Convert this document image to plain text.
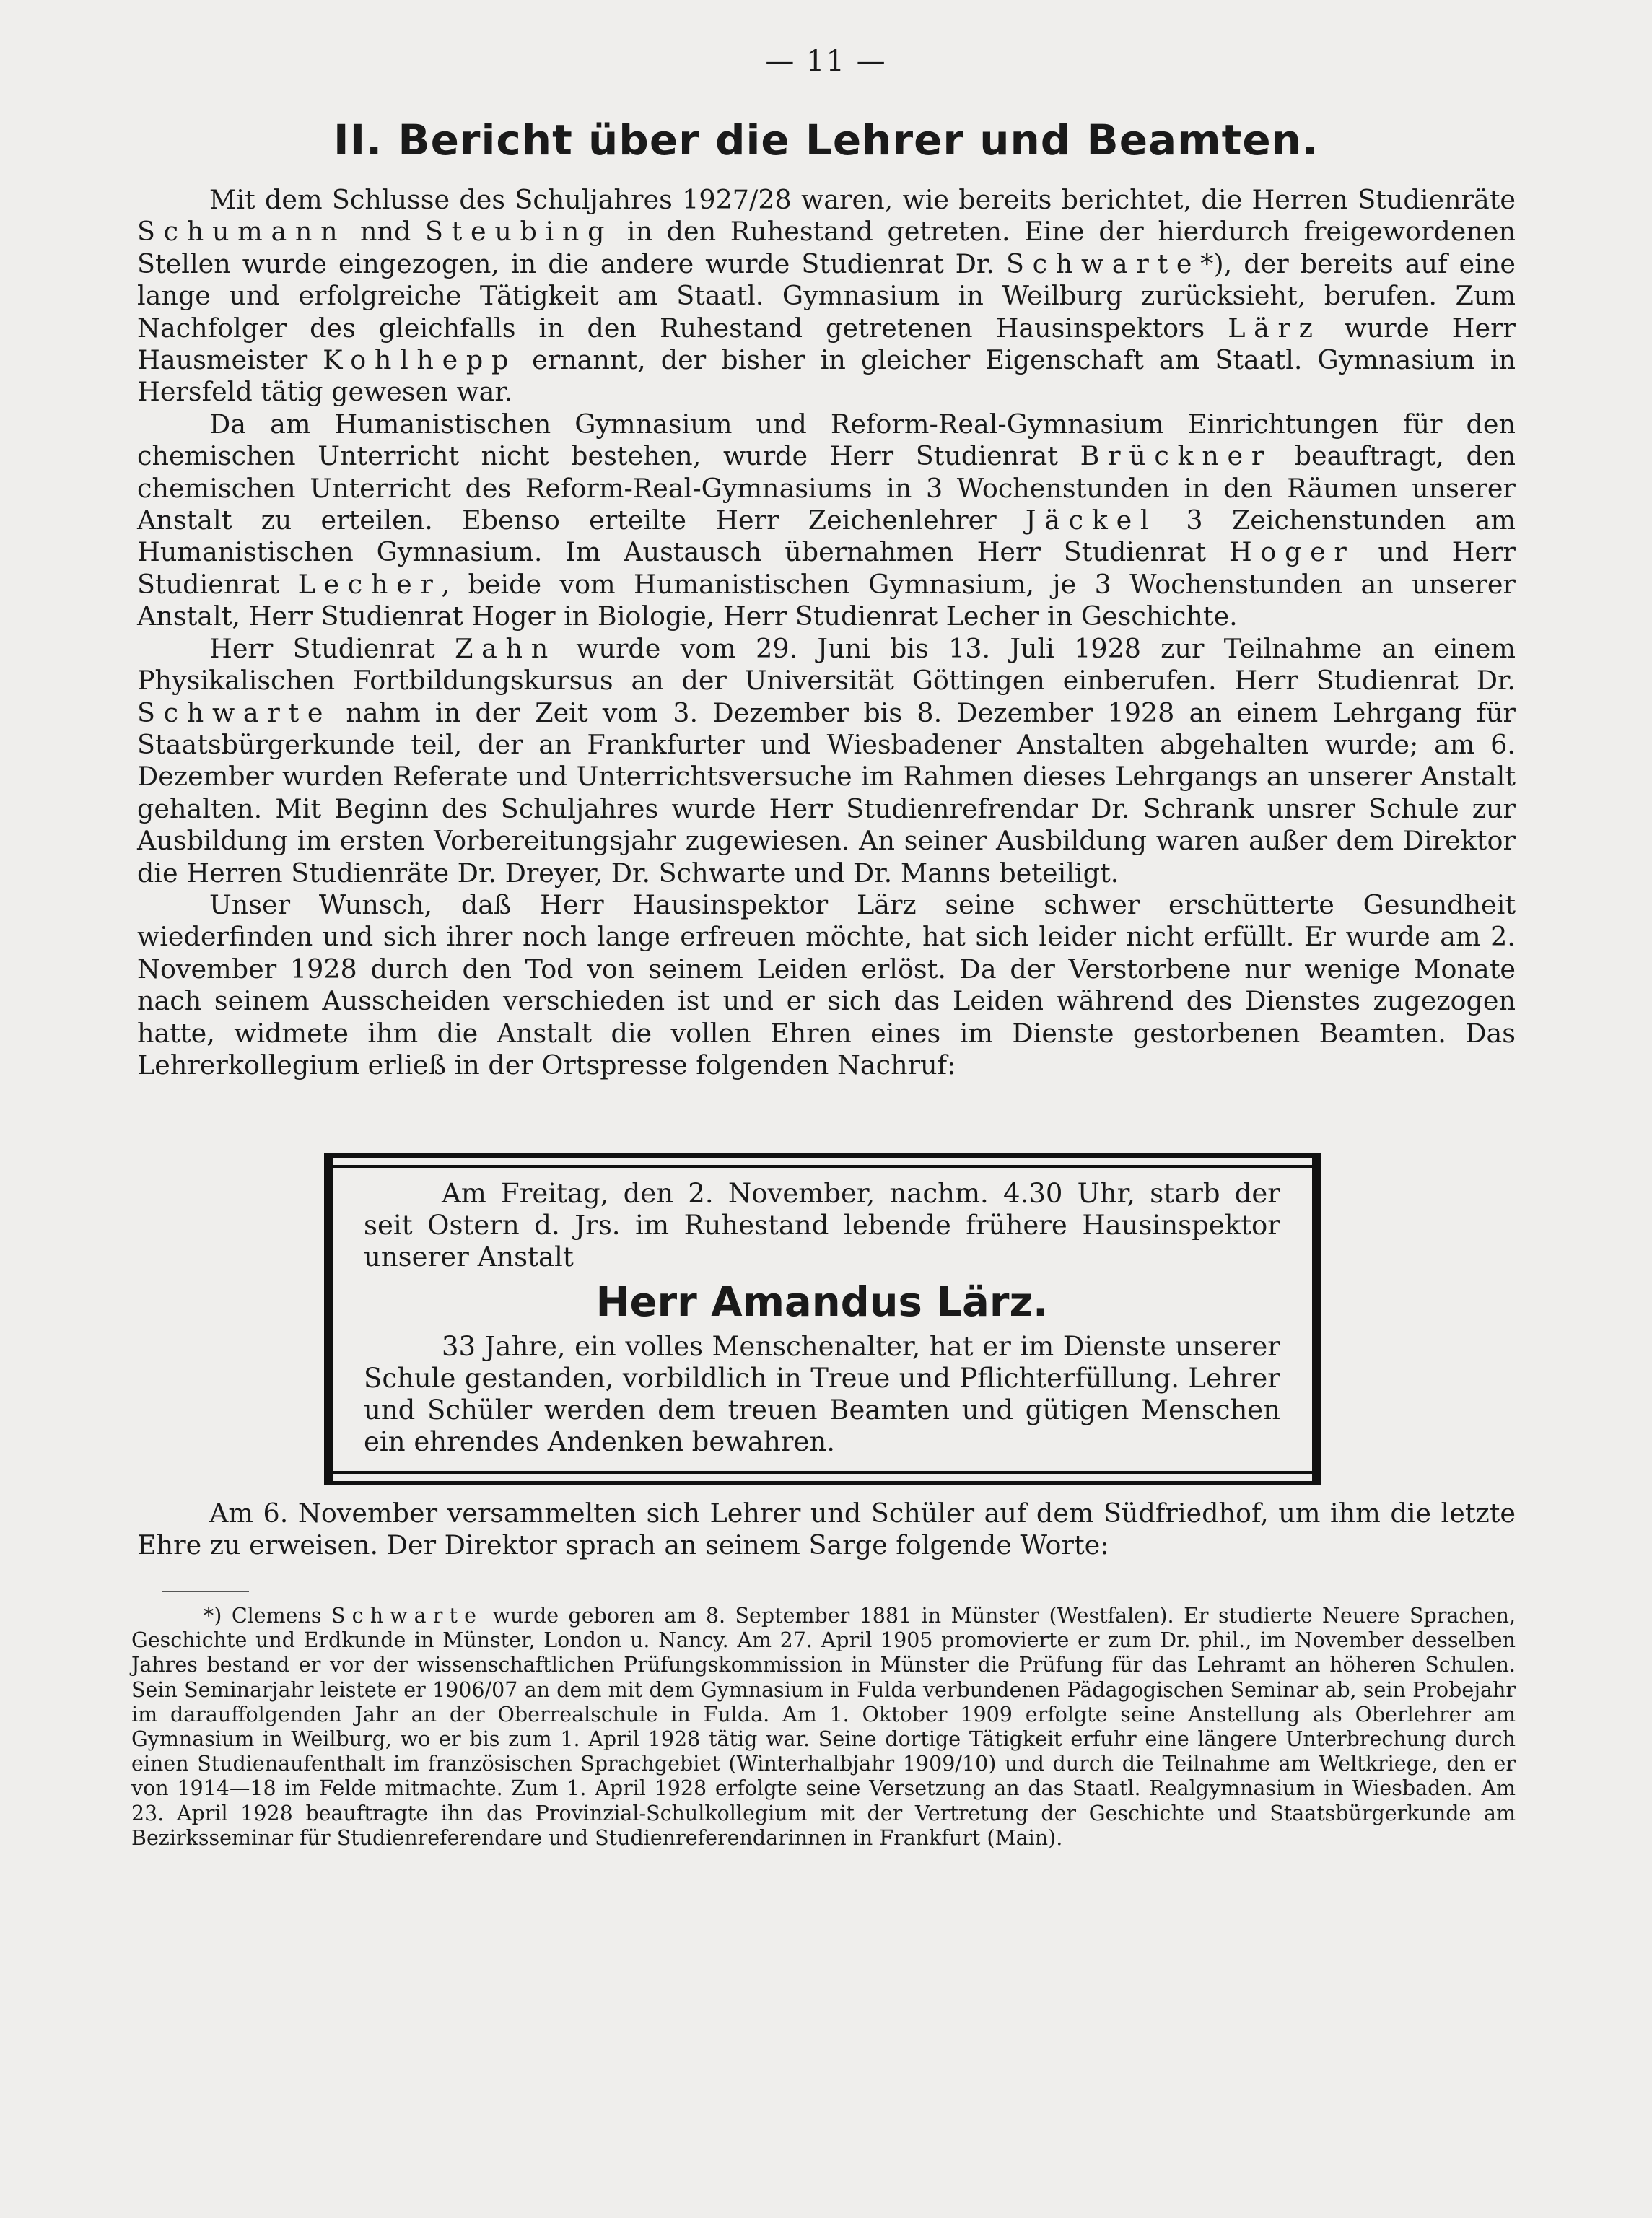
— 11 —
II. Bericht über die Lehrer und Beamten.

Mit dem Schlusse des Schuljahres 1927/28 waren, wie bereits berichtet, die Herren Studienräte Schumann nnd Steubing in den Ruhestand getreten. Eine der hierdurch freigewordenen Stellen wurde eingezogen, in die andere wurde Studienrat Dr. Schwarte*), der bereits auf eine lange und erfolgreiche Tätigkeit am Staatl. Gymnasium in Weilburg zurücksieht, berufen. Zum Nachfolger des gleichfalls in den Ruhestand getretenen Hausinspektors Lärz wurde Herr Hausmeister Kohlhepp ernannt, der bisher in gleicher Eigenschaft am Staatl. Gymnasium in Hersfeld tätig gewesen war.

Da am Humanistischen Gymnasium und Reform-Real-Gymnasium Einrichtungen für den chemischen Unterricht nicht bestehen, wurde Herr Studienrat Brückner beauftragt, den chemischen Unterricht des Reform-Real-Gymnasiums in 3 Wochenstunden in den Räumen unserer Anstalt zu erteilen. Ebenso erteilte Herr Zeichenlehrer Jäckel 3 Zeichenstunden am Humanistischen Gymnasium. Im Austausch übernahmen Herr Studienrat Hoger und Herr Studienrat Lecher, beide vom Humanistischen Gymnasium, je 3 Wochenstunden an unserer Anstalt, Herr Studienrat Hoger in Biologie, Herr Studienrat Lecher in Geschichte.

Herr Studienrat Zahn wurde vom 29. Juni bis 13. Juli 1928 zur Teilnahme an einem Physikalischen Fortbildungskursus an der Universität Göttingen einberufen. Herr Studienrat Dr. Schwarte nahm in der Zeit vom 3. Dezember bis 8. Dezember 1928 an einem Lehrgang für Staatsbürgerkunde teil, der an Frankfurter und Wiesbadener Anstalten abgehalten wurde; am 6. Dezember wurden Referate und Unterrichtsversuche im Rahmen dieses Lehrgangs an unserer Anstalt gehalten. Mit Beginn des Schuljahres wurde Herr Studienrefrendar Dr. Schrank unsrer Schule zur Ausbildung im ersten Vorbereitungsjahr zugewiesen. An seiner Ausbildung waren außer dem Direktor die Herren Studienräte Dr. Dreyer, Dr. Schwarte und Dr. Manns beteiligt.

Unser Wunsch, daß Herr Hausinspektor Lärz seine schwer erschütterte Gesundheit wiederfinden und sich ihrer noch lange erfreuen möchte, hat sich leider nicht erfüllt. Er wurde am 2. November 1928 durch den Tod von seinem Leiden erlöst. Da der Verstorbene nur wenige Monate nach seinem Ausscheiden verschieden ist und er sich das Leiden während des Dienstes zugezogen hatte, widmete ihm die Anstalt die vollen Ehren eines im Dienste gestorbenen Beamten. Das Lehrerkollegium erließ in der Ortspresse folgenden Nachruf:

Am Freitag, den 2. November, nachm. 4.30 Uhr, starb der seit Ostern d. Jrs. im Ruhestand lebende frühere Hausinspektor unserer Anstalt

Herr Amandus Lärz.

33 Jahre, ein volles Menschenalter, hat er im Dienste unserer Schule gestanden, vorbildlich in Treue und Pflichterfüllung. Lehrer und Schüler werden dem treuen Beamten und gütigen Menschen ein ehrendes Andenken bewahren.

Am 6. November versammelten sich Lehrer und Schüler auf dem Südfriedhof, um ihm die letzte Ehre zu erweisen. Der Direktor sprach an seinem Sarge folgende Worte:

*) Clemens Schwarte wurde geboren am 8. September 1881 in Münster (Westfalen). Er studierte Neuere Sprachen, Geschichte und Erdkunde in Münster, London u. Nancy. Am 27. April 1905 promovierte er zum Dr. phil., im November desselben Jahres bestand er vor der wissenschaftlichen Prüfungskommission in Münster die Prüfung für das Lehramt an höheren Schulen. Sein Seminarjahr leistete er 1906/07 an dem mit dem Gymnasium in Fulda verbundenen Pädagogischen Seminar ab, sein Probejahr im darauffolgenden Jahr an der Oberrealschule in Fulda. Am 1. Oktober 1909 erfolgte seine Anstellung als Oberlehrer am Gymnasium in Weilburg, wo er bis zum 1. April 1928 tätig war. Seine dortige Tätigkeit erfuhr eine längere Unterbrechung durch einen Studienaufenthalt im französischen Sprachgebiet (Winterhalbjahr 1909/10) und durch die Teilnahme am Weltkriege, den er von 1914—18 im Felde mitmachte. Zum 1. April 1928 erfolgte seine Versetzung an das Staatl. Realgymnasium in Wiesbaden. Am 23. April 1928 beauftragte ihn das Provinzial-Schulkollegium mit der Vertretung der Geschichte und Staatsbürgerkunde am Bezirksseminar für Studienreferendare und Studienreferendarinnen in Frankfurt (Main).
